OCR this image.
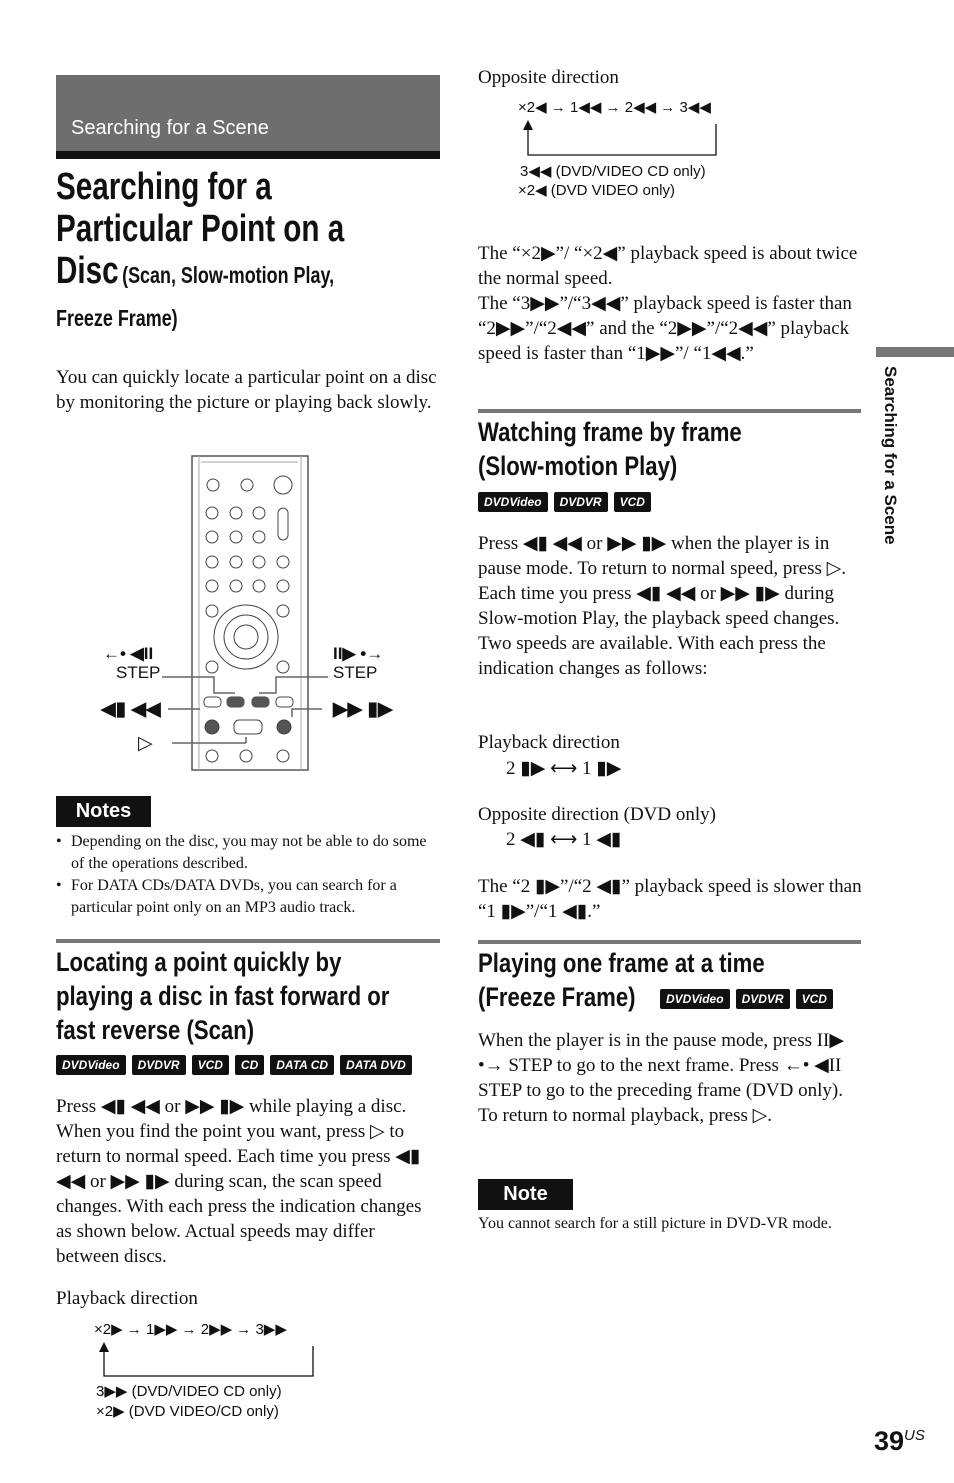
Searching for a Scene
Searching for a
Particular Point on a
Disc (Scan, Slow-motion Play,
Freeze Frame)
You can quickly locate a particular point on a disc by monitoring the picture or playing back slowly.
←• ◀II
STEP
◀▮ ◀◀
▷
II▶ •→
STEP
▶▶ ▮▶
Notes
• Depending on the disc, you may not be able to do some of the operations described.
• For DATA CDs/DATA DVDs, you can search for a particular point only on an MP3 audio track.
Locating a point quickly by
playing a disc in fast forward or
fast reverse (Scan)
DVDVideo DVDVR VCD CD DATA CD DATA DVD
Press ◀▮ ◀◀ or ▶▶ ▮▶ while playing a disc. When you find the point you want, press ▷ to return to normal speed. Each time you press ◀▮ ◀◀ or ▶▶ ▮▶ during scan, the scan speed changes. With each press the indication changes as shown below. Actual speeds may differ between discs.
Playback direction
×2▶ → 1▶▶ → 2▶▶ → 3▶▶
3▶▶ (DVD/VIDEO CD only)
×2▶ (DVD VIDEO/CD only)
Opposite direction
×2◀ → 1◀◀ → 2◀◀ → 3◀◀
3◀◀ (DVD/VIDEO CD only)
×2◀ (DVD VIDEO only)
The “×2▶”/ “×2◀” playback speed is about twice the normal speed.
The “3▶▶”/“3◀◀” playback speed is faster than “2▶▶”/“2◀◀” and the “2▶▶”/“2◀◀” playback speed is faster than “1▶▶”/ “1◀◀.”
Watching frame by frame
(Slow-motion Play)
DVDVideo DVDVR VCD
Press ◀▮ ◀◀ or ▶▶ ▮▶ when the player is in pause mode. To return to normal speed, press ▷. Each time you press ◀▮ ◀◀ or ▶▶ ▮▶ during Slow-motion Play, the playback speed changes. Two speeds are available. With each press the indication changes as follows:
Playback direction
2 ▮▶ ⟷ 1 ▮▶
Opposite direction (DVD only)
2 ◀▮ ⟷ 1 ◀▮
The “2 ▮▶”/“2 ◀▮” playback speed is slower than “1 ▮▶”/“1 ◀▮.”
Playing one frame at a time
(Freeze Frame)	DVDVideo DVDVR VCD
When the player is in the pause mode, press II▶ •→ STEP to go to the next frame. Press ←• ◀II STEP to go to the preceding frame (DVD only). To return to normal playback, press ▷.
Note
You cannot search for a still picture in DVD-VR mode.
Searching for a Scene
$39^{US}$
